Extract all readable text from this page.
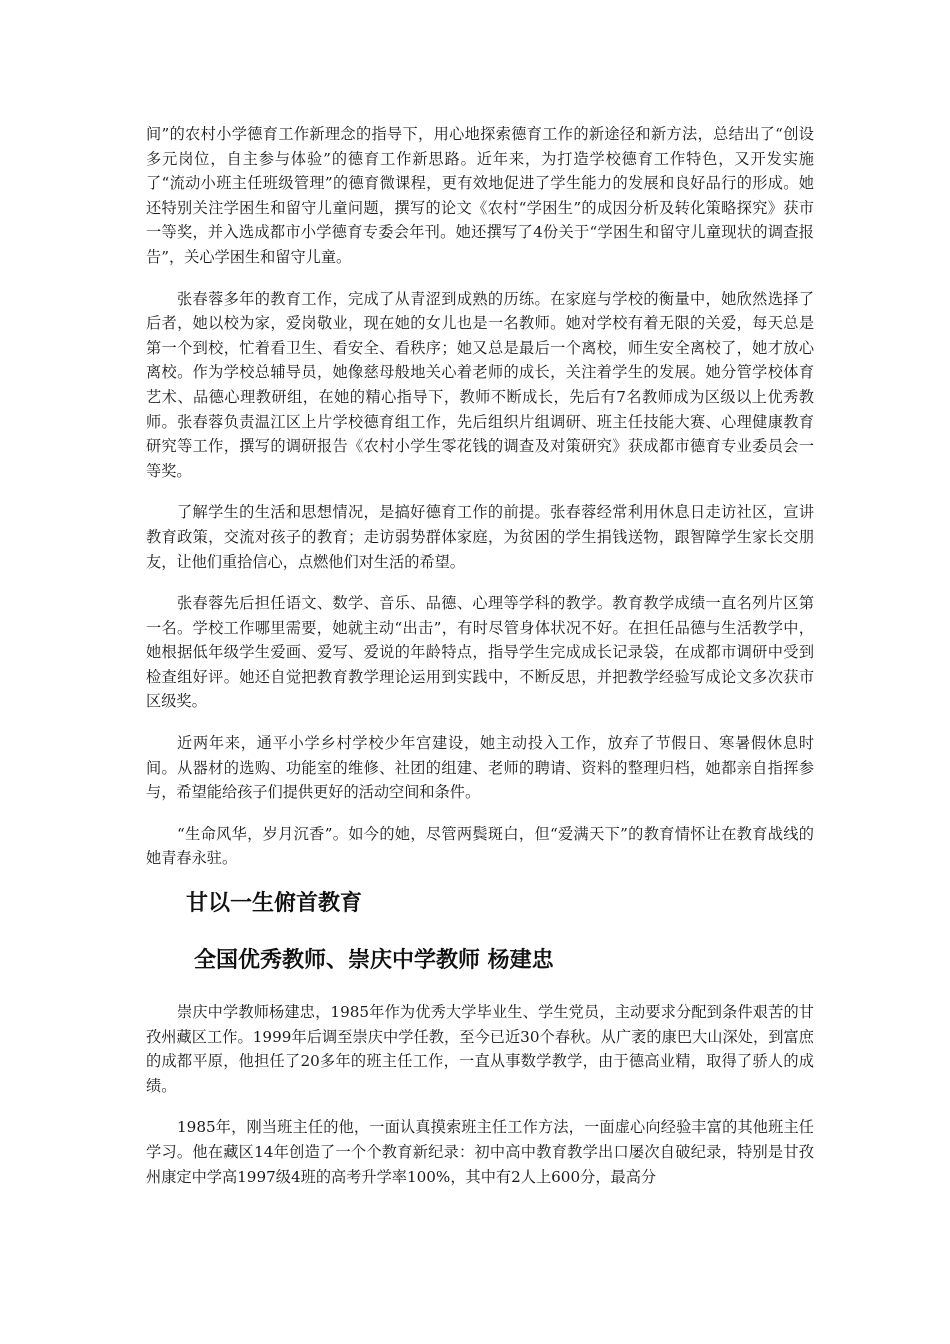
间”的农村小学德育工作新理念的指导下，用心地探索德育工作的新途径和新方法，总结出了“创设多元岗位，自主参与体验”的德育工作新思路。近年来，为打造学校德育工作特色，又开发实施了“流动小班主任班级管理”的德育微课程，更有效地促进了学生能力的发展和良好品行的形成。她还特别关注学困生和留守儿童问题，撰写的论文《农村“学困生”的成因分析及转化策略探究》获市一等奖，并入选成都市小学德育专委会年刊。她还撰写了4份关于“学困生和留守儿童现状的调查报告”，关心学困生和留守儿童。

张春蓉多年的教育工作，完成了从青涩到成熟的历练。在家庭与学校的衡量中，她欣然选择了后者，她以校为家，爱岗敬业，现在她的女儿也是一名教师。她对学校有着无限的关爱，每天总是第一个到校，忙着看卫生、看安全、看秩序；她又总是最后一个离校，师生安全离校了，她才放心离校。作为学校总辅导员，她像慈母般地关心着老师的成长，关注着学生的发展。她分管学校体育艺术、品德心理教研组，在她的精心指导下，教师不断成长，先后有7名教师成为区级以上优秀教师。张春蓉负责温江区上片学校德育组工作，先后组织片组调研、班主任技能大赛、心理健康教育研究等工作，撰写的调研报告《农村小学生零花钱的调查及对策研究》获成都市德育专业委员会一等奖。

了解学生的生活和思想情况，是搞好德育工作的前提。张春蓉经常利用休息日走访社区，宣讲教育政策，交流对孩子的教育；走访弱势群体家庭，为贫困的学生捐钱送物，跟智障学生家长交朋友，让他们重拾信心，点燃他们对生活的希望。

张春蓉先后担任语文、数学、音乐、品德、心理等学科的教学。教育教学成绩一直名列片区第一名。学校工作哪里需要，她就主动“出击”，有时尽管身体状况不好。在担任品德与生活教学中，她根据低年级学生爱画、爱写、爱说的年龄特点，指导学生完成成长记录袋，在成都市调研中受到检查组好评。她还自觉把教育教学理论运用到实践中，不断反思，并把教学经验写成论文多次获市区级奖。

近两年来，通平小学乡村学校少年宫建设，她主动投入工作，放弃了节假日、寒暑假休息时间。从器材的选购、功能室的维修、社团的组建、老师的聘请、资料的整理归档，她都亲自指挥参与，希望能给孩子们提供更好的活动空间和条件。

“生命风华，岁月沉香”。如今的她，尽管两鬓斑白，但“爱满天下”的教育情怀让在教育战线的她青春永驻。

甘以一生俯首教育
全国优秀教师、崇庆中学教师 杨建忠

崇庆中学教师杨建忠，1985年作为优秀大学毕业生、学生党员，主动要求分配到条件艰苦的甘孜州藏区工作。1999年后调至崇庆中学任教，至今已近30个春秋。从广袤的康巴大山深处，到富庶的成都平原，他担任了20多年的班主任工作，一直从事数学教学，由于德高业精，取得了骄人的成绩。

1985年，刚当班主任的他，一面认真摸索班主任工作方法，一面虚心向经验丰富的其他班主任学习。他在藏区14年创造了一个个教育新纪录：初中高中教育教学出口屡次自破纪录，特别是甘孜州康定中学高1997级4班的高考升学率100%，其中有2人上600分，最高分
